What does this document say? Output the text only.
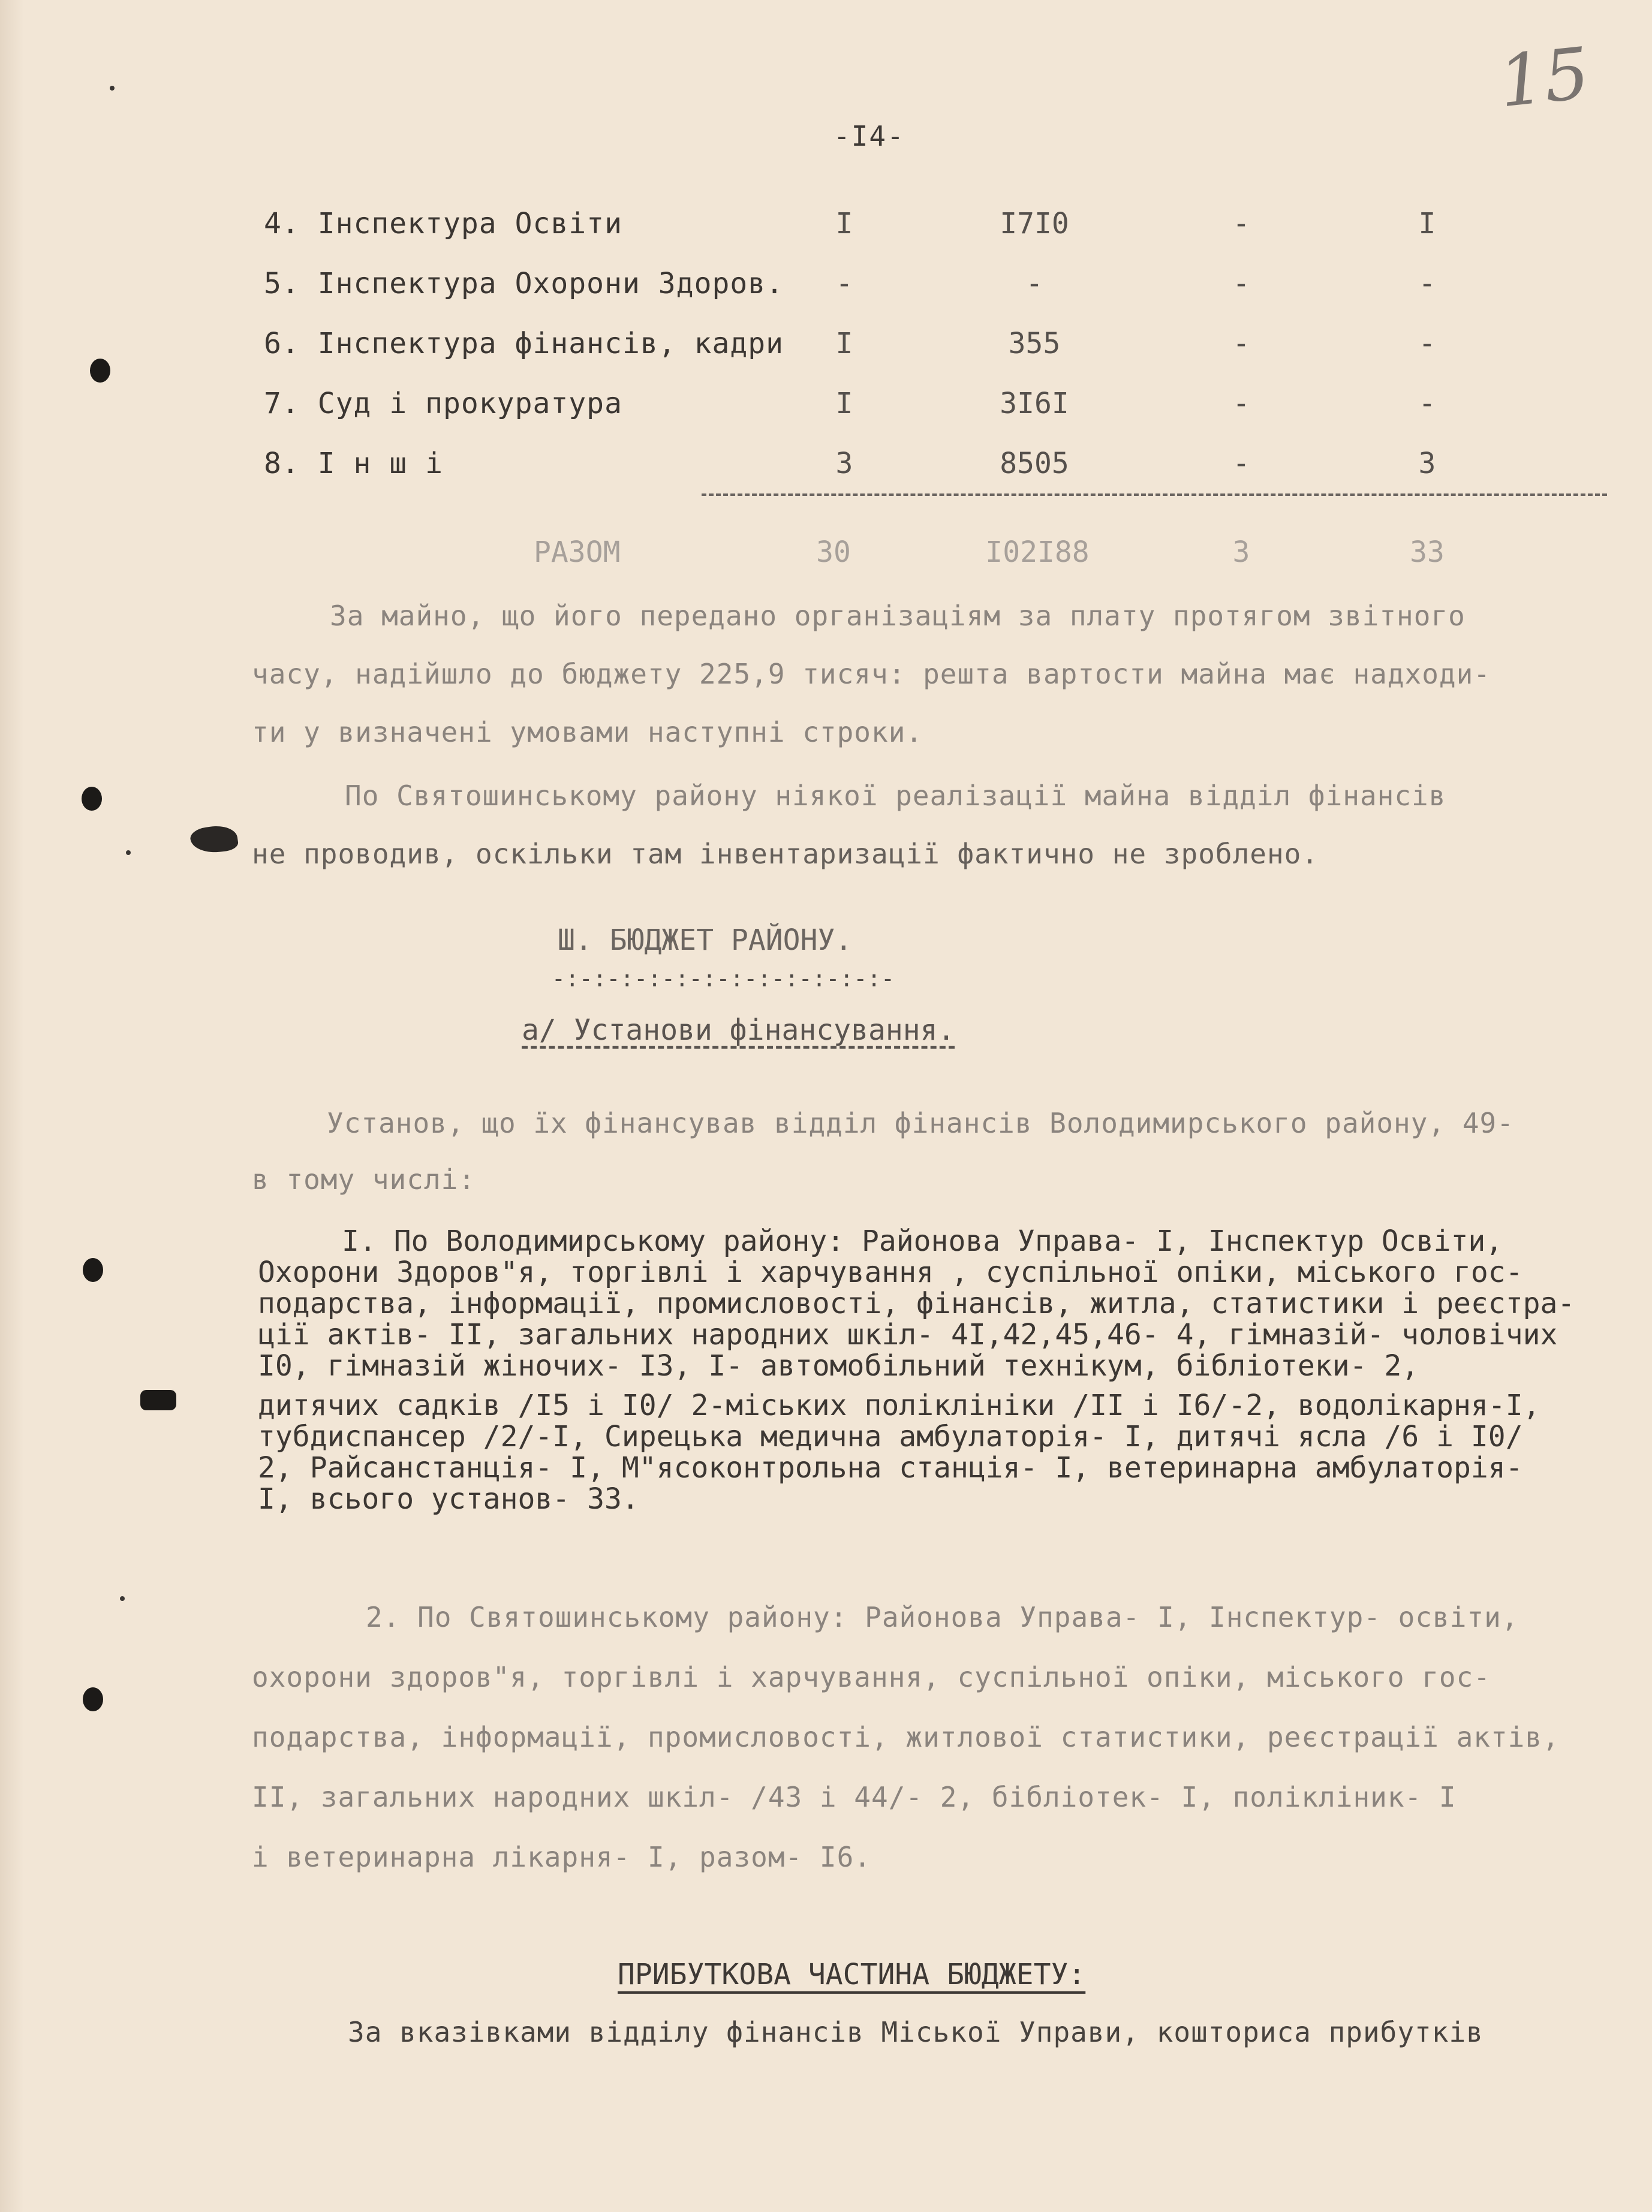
15
-I4-
4. Інспектура Освіти	I	I7I0	-	I
5. Інспектура Охорони Здоров. -	-	-	-
6. Інспектура фінансів, кадри I	355	-	-
7. Суд і прокуратура	I	3I6I	-	-
8. І н ш і	3	8505	-	3
РАЗОМ	30	I02I88	3	33
За майно, що його передано організаціям за плату протягом звітного
часу, надійшло до бюджету 225,9 тисяч: решта вартости майна має надходи-
ти у визначені умовами наступні строки.
По Святошинському району ніякої реалізації майна відділ фінансів
не проводив, оскільки там інвентаризації фактично не зроблено.
Ш. БЮДЖЕТ РАЙОНУ.
-:-:-:-:-:-:-:-:-:-:-:-:-
а/ Установи фінансування.
Установ, що їх фінансував відділ фінансів Володимирського району, 49-
в тому числі:
I. По Володимирському району: Районова Управа- I, Інспектур Освіти,
Охорони Здоров"я, торгівлі і харчування , суспільної опіки, міського гос-
подарства, інформації, промисловості, фінансів, житла, статистики і реєстра-
ції актів- II, загальних народних шкіл- 4I,42,45,46- 4, гімназій- чоловічих
I0, гімназій жіночих- I3, I- автомобільний технікум, бібліотеки- 2,
дитячих садків /I5 і I0/ 2-міських поліклініки /II і I6/-2, водолікарня-I,
тубдиспансер /2/-I, Сирецька медична амбулаторія- I, дитячі ясла /6 і I0/
2, Райсанстанція- I, М"ясоконтрольна станція- I, ветеринарна амбулаторія-
I, всього установ- 33.
2. По Святошинському району: Районова Управа- I, Інспектур- освіти,
охорони здоров"я, торгівлі і харчування, суспільної опіки, міського гос-
подарства, інформації, промисловості, житлової статистики, реєстрації актів,
II, загальних народних шкіл- /43 і 44/- 2, бібліотек- I, полікліник- I
і ветеринарна лікарня- I, разом- I6.
ПРИБУТКОВА ЧАСТИНА БЮДЖЕТУ:
За вказівками відділу фінансів Міської Управи, кошториса прибутків
